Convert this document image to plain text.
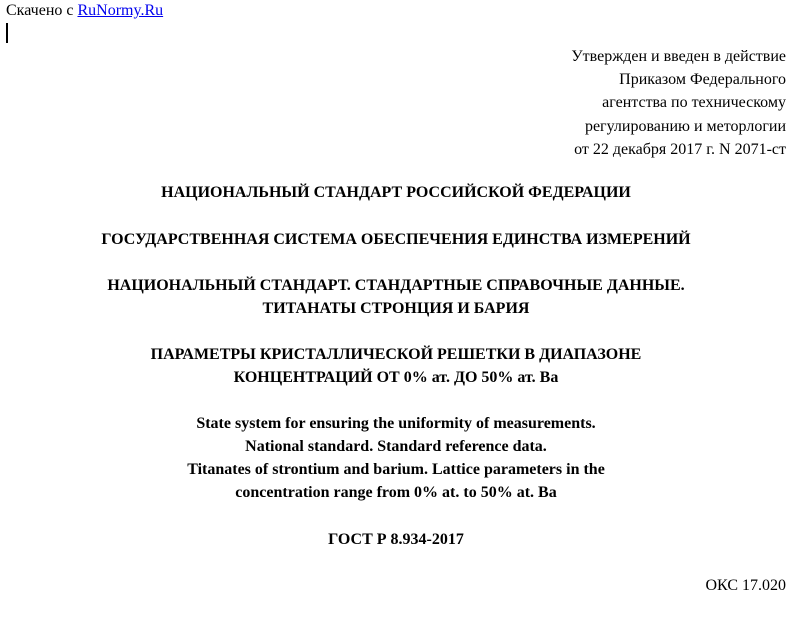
Скачено с RuNormy.Ru
Утвержден и введен в действие
Приказом Федерального
агентства по техническому
регулированию и меторлогии
от 22 декабря 2017 г. N 2071-ст
НАЦИОНАЛЬНЫЙ СТАНДАРТ РОССИЙСКОЙ ФЕДЕРАЦИИ
ГОСУДАРСТВЕННАЯ СИСТЕМА ОБЕСПЕЧЕНИЯ ЕДИНСТВА ИЗМЕРЕНИЙ
НАЦИОНАЛЬНЫЙ СТАНДАРТ. СТАНДАРТНЫЕ СПРАВОЧНЫЕ ДАННЫЕ.
ТИТАНАТЫ СТРОНЦИЯ И БАРИЯ
ПАРАМЕТРЫ КРИСТАЛЛИЧЕСКОЙ РЕШЕТКИ В ДИАПАЗОНЕ
КОНЦЕНТРАЦИЙ ОТ 0% ат. ДО 50% ат. Ba
State system for ensuring the uniformity of measurements.
National standard. Standard reference data.
Titanates of strontium and barium. Lattice parameters in the
concentration range from 0% at. to 50% at. Ba
ГОСТ Р 8.934-2017
ОКС 17.020
